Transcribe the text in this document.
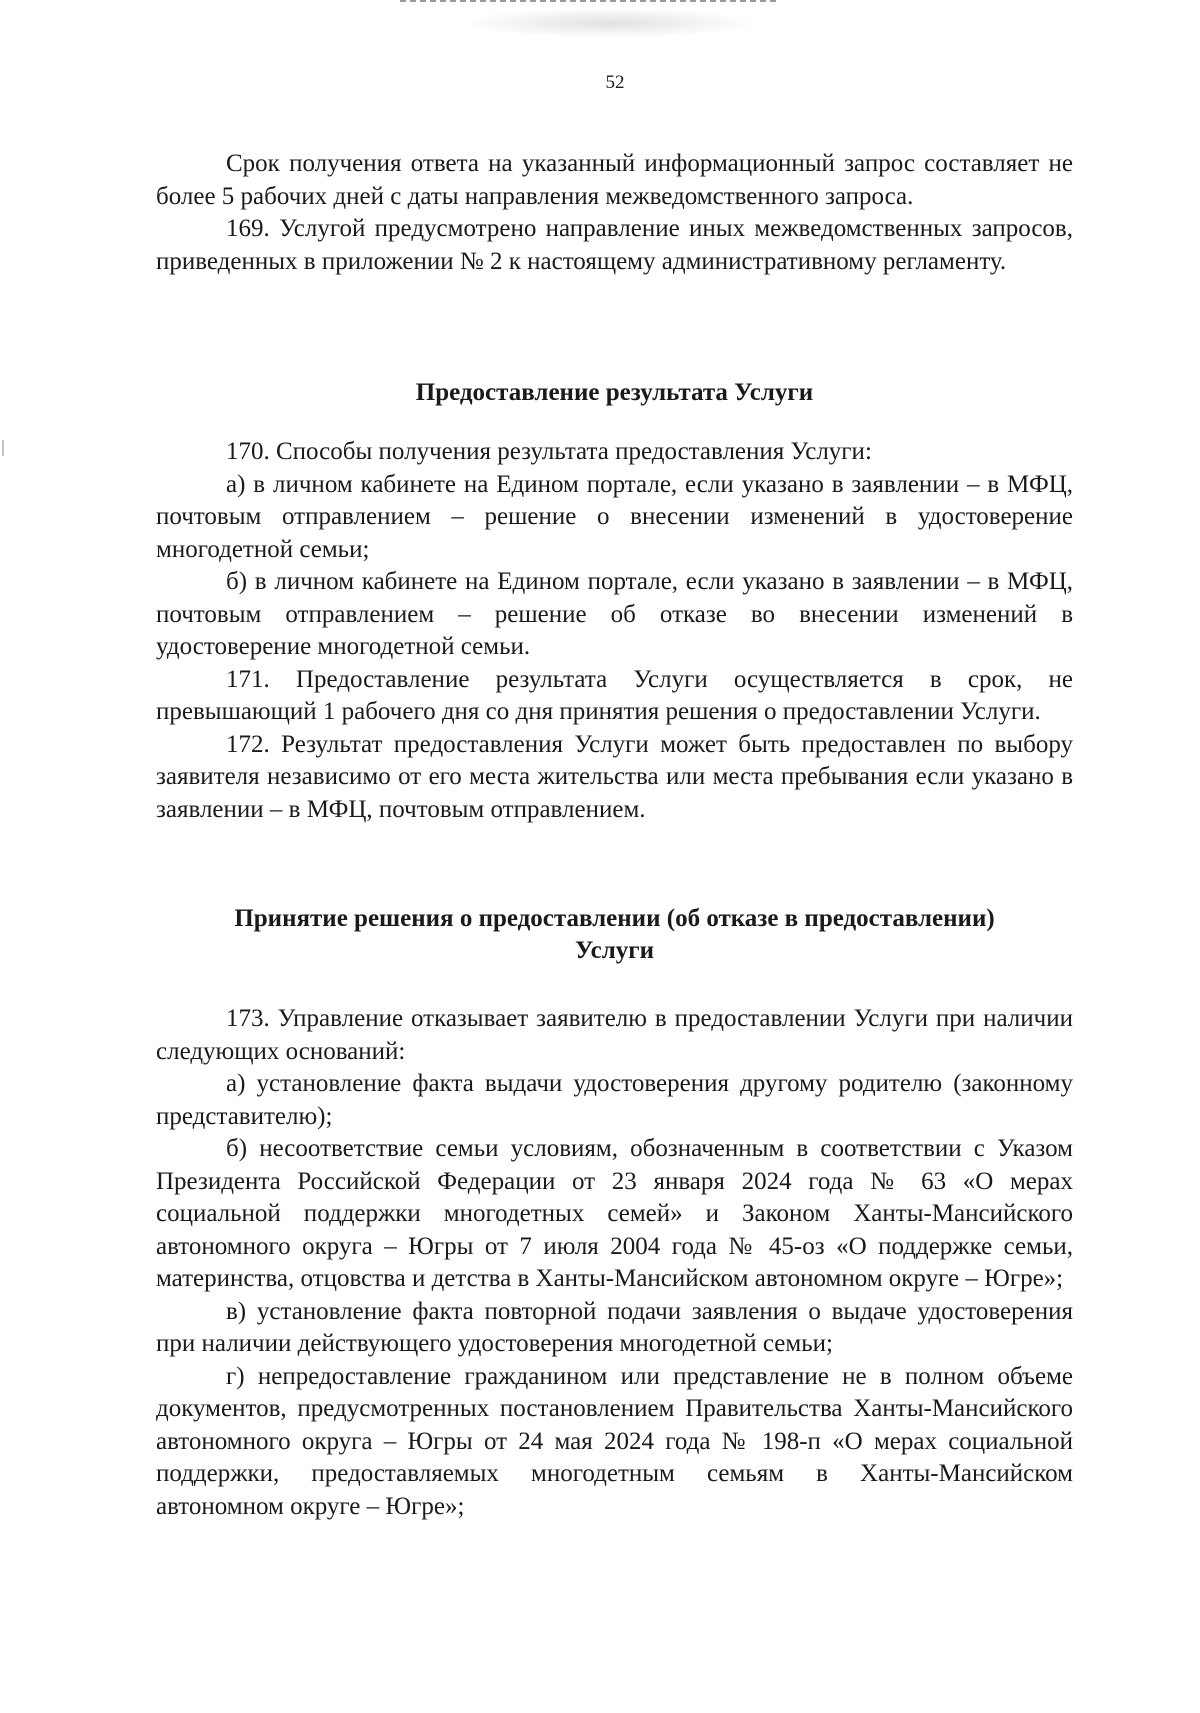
52

Срок получения ответа на указанный информационный запрос составляет не более 5 рабочих дней с даты направления межведомственного запроса.

169. Услугой предусмотрено направление иных межведомственных запросов, приведенных в приложении № 2 к настоящему административному регламенту.

Предоставление результата Услуги

170. Способы получения результата предоставления Услуги:

а) в личном кабинете на Едином портале, если указано в заявлении – в МФЦ, почтовым отправлением – решение о внесении изменений в удостоверение многодетной семьи;

б) в личном кабинете на Едином портале, если указано в заявлении – в МФЦ, почтовым отправлением – решение об отказе во внесении изменений в удостоверение многодетной семьи.

171. Предоставление результата Услуги осуществляется в срок, не превышающий 1 рабочего дня со дня принятия решения о предоставлении Услуги.

172. Результат предоставления Услуги может быть предоставлен по выбору заявителя независимо от его места жительства или места пребывания если указано в заявлении – в МФЦ, почтовым отправлением.

Принятие решения о предоставлении (об отказе в предоставлении)
Услуги

173. Управление отказывает заявителю в предоставлении Услуги при наличии следующих оснований:

а) установление факта выдачи удостоверения другому родителю (законному представителю);

б) несоответствие семьи условиям, обозначенным в соответствии с Указом Президента Российской Федерации от 23 января 2024 года № 63 «О мерах социальной поддержки многодетных семей» и Законом Ханты-Мансийского автономного округа – Югры от 7 июля 2004 года № 45-оз «О поддержке семьи, материнства, отцовства и детства в Ханты-Мансийском автономном округе – Югре»;

в) установление факта повторной подачи заявления о выдаче удостоверения при наличии действующего удостоверения многодетной семьи;

г) непредоставление гражданином или представление не в полном объеме документов, предусмотренных постановлением Правительства Ханты-Мансийского автономного округа – Югры от 24 мая 2024 года № 198-п «О мерах социальной поддержки, предоставляемых многодетным семьям в Ханты-Мансийском автономном округе – Югре»;
